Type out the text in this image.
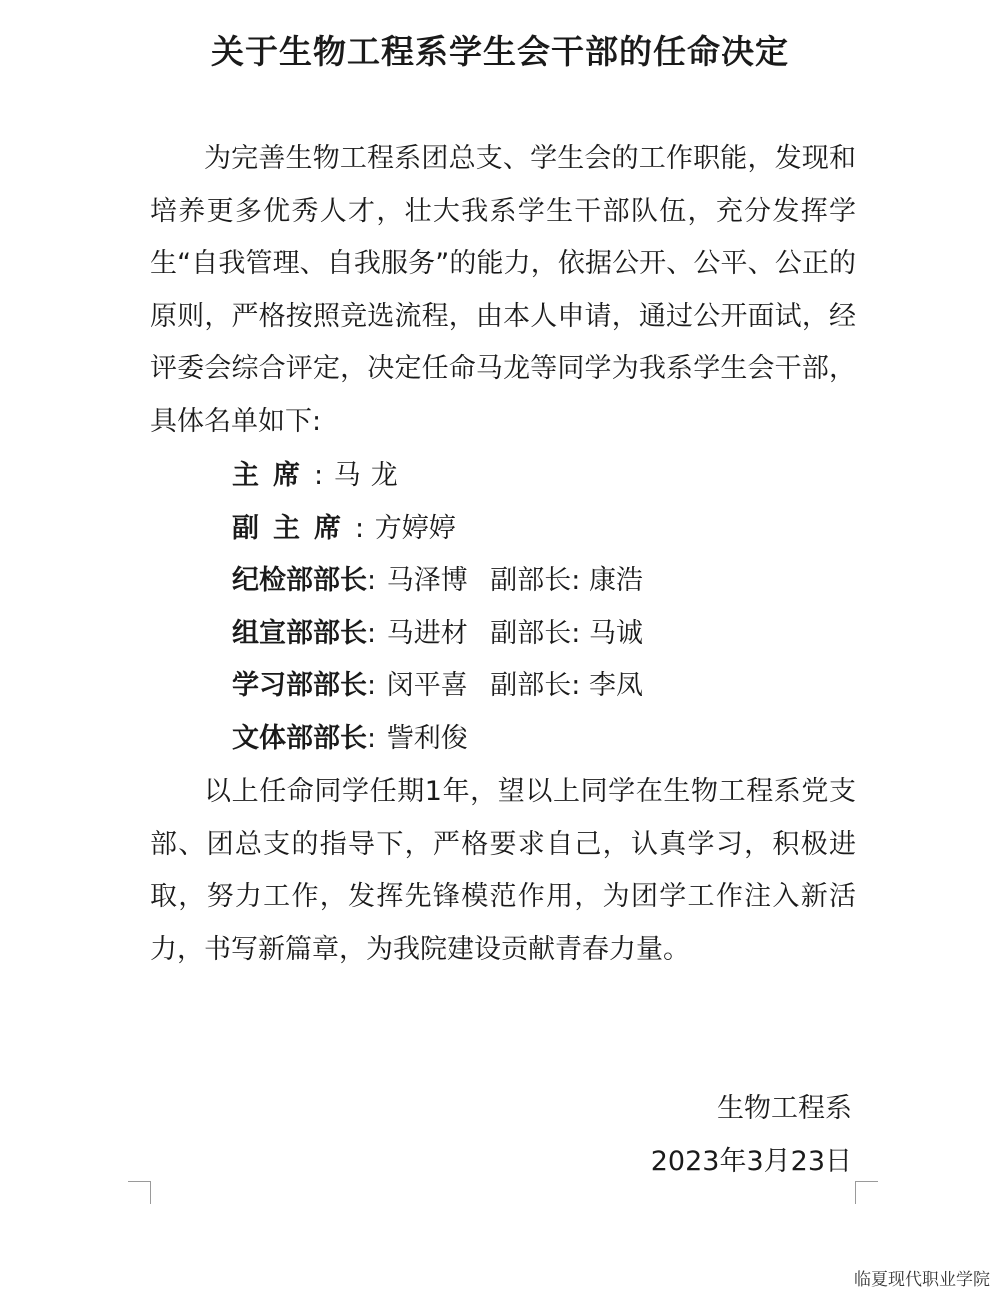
关于生物工程系学生会干部的任命决定

为完善生物工程系团总支、学生会的工作职能，发现和培养更多优秀人才，壮大我系学生干部队伍，充分发挥学生“自我管理、自我服务”的能力，依据公开、公平、公正的原则，严格按照竞选流程，由本人申请，通过公开面试，经评委会综合评定，决定任命马龙等同学为我系学生会干部，具体名单如下:

主席: 马龙
副主席: 方婷婷
纪检部部长: 马泽博 副部长: 康浩
组宣部部长: 马进材 副部长: 马诚
学习部部长: 闵平喜 副部长: 李凤
文体部部长: 訾利俊

以上任命同学任期1年，望以上同学在生物工程系党支部、团总支的指导下，严格要求自己，认真学习，积极进取，努力工作，发挥先锋模范作用，为团学工作注入新活力，书写新篇章，为我院建设贡献青春力量。

生物工程系
2023年3月23日
临夏现代职业学院
